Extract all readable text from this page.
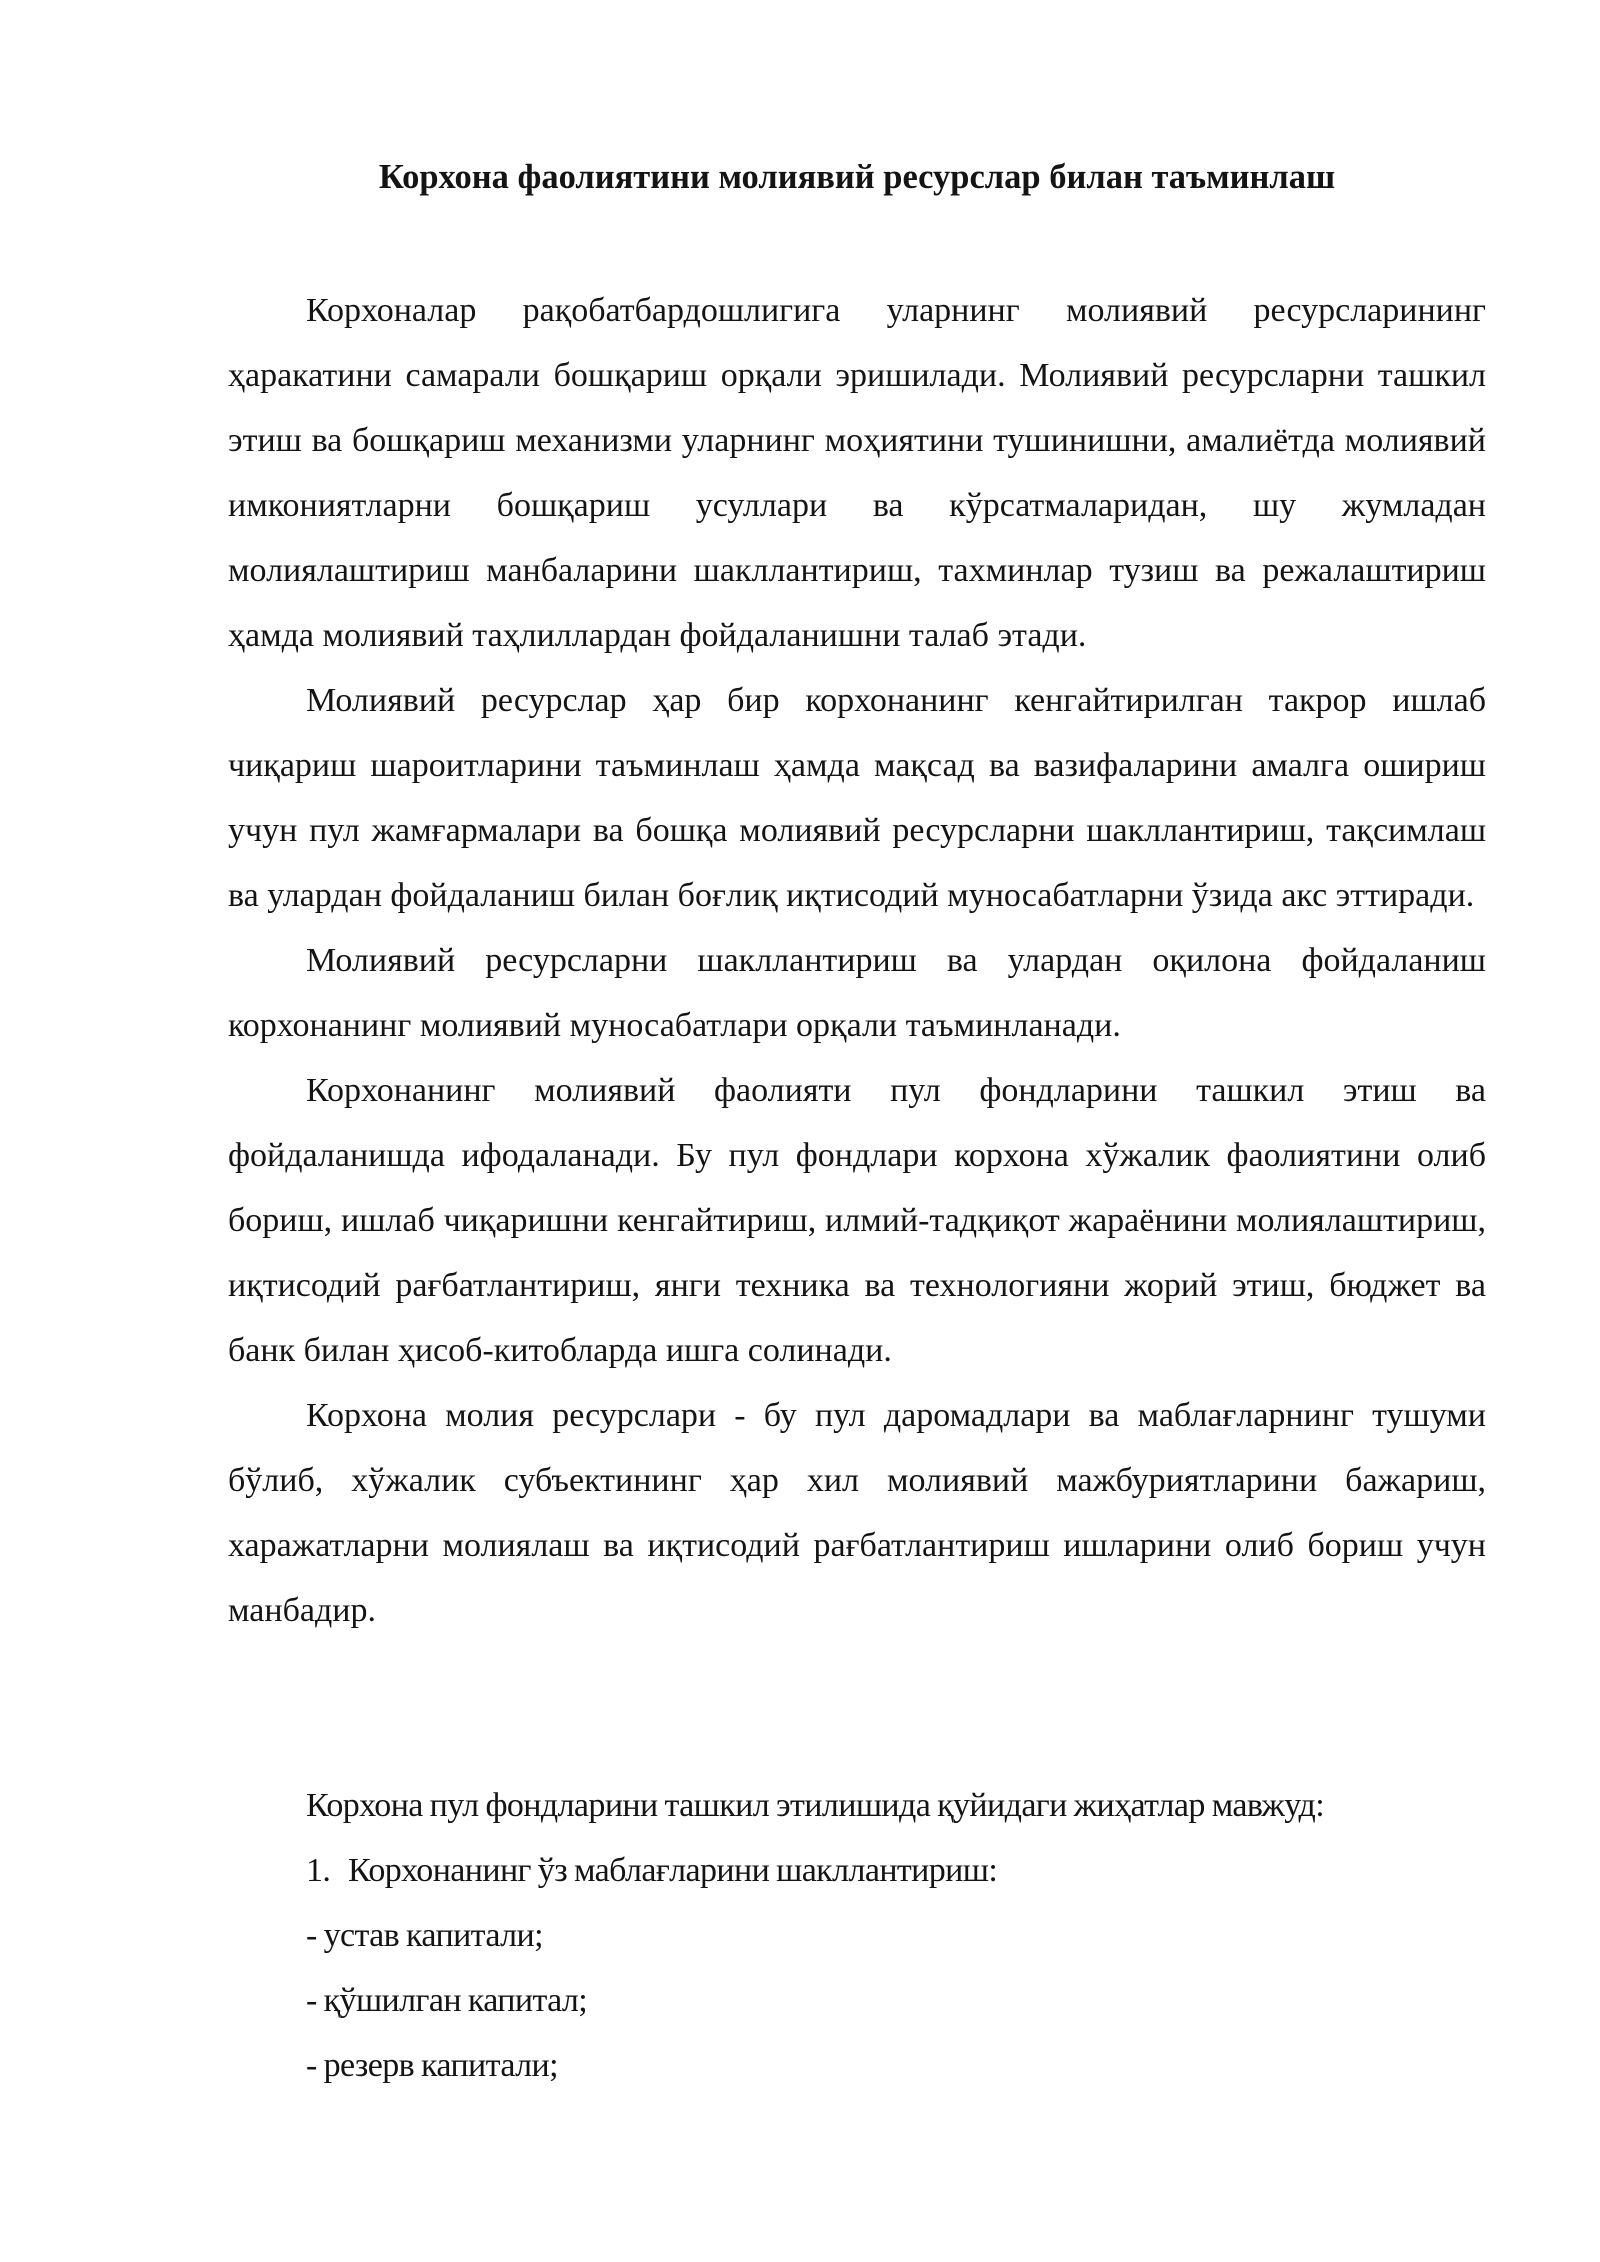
Корхона фаолиятини молиявий ресурслар билан таъминлаш

Корхоналар рақобатбардошлигига уларнинг молиявий ресурсларининг ҳаракатини самарали бошқариш орқали эришилади. Молиявий ресурсларни ташкил этиш ва бошқариш механизми уларнинг моҳиятини тушинишни, амалиётда молиявий имкониятларни бошқариш усуллари ва кўрсатмаларидан, шу жумладан молиялаштириш манбаларини шакллантириш, тахминлар тузиш ва режалаштириш ҳамда молиявий таҳлиллардан фойдаланишни талаб этади.

Молиявий ресурслар ҳар бир корхонанинг кенгайтирилган такрор ишлаб чиқариш шароитларини таъминлаш ҳамда мақсад ва вазифаларини амалга ошириш учун пул жамғармалари ва бошқа молиявий ресурсларни шакллантириш, тақсимлаш ва улардан фойдаланиш билан боғлиқ иқтисодий муносабатларни ўзида акс эттиради.

Молиявий ресурсларни шакллантириш ва улардан оқилона фойдаланиш корхонанинг молиявий муносабатлари орқали таъминланади.

Корхонанинг молиявий фаолияти пул фондларини ташкил этиш ва фойдаланишда ифодаланади. Бу пул фондлари корхона хўжалик фаолиятини олиб бориш, ишлаб чиқаришни кенгайтириш, илмий-тадқиқот жараёнини молиялаштириш, иқтисодий рағбатлантириш, янги техника ва технологияни жорий этиш, бюджет ва банк билан ҳисоб-китобларда ишга солинади.

Корхона молия ресурслари - бу пул даромадлари ва маблағларнинг тушуми бўлиб, хўжалик субъектининг ҳар хил молиявий мажбуриятларини бажариш, харажатларни молиялаш ва иқтисодий рағбатлантириш ишларини олиб бориш учун манбадир.

Корхона пул фондларини ташкил этилишида қуйидаги жиҳатлар мавжуд:

1. Корхонанинг ўз маблағларини шакллантириш:

- устав капитали;

- қўшилган капитал;

- резерв капитали;
